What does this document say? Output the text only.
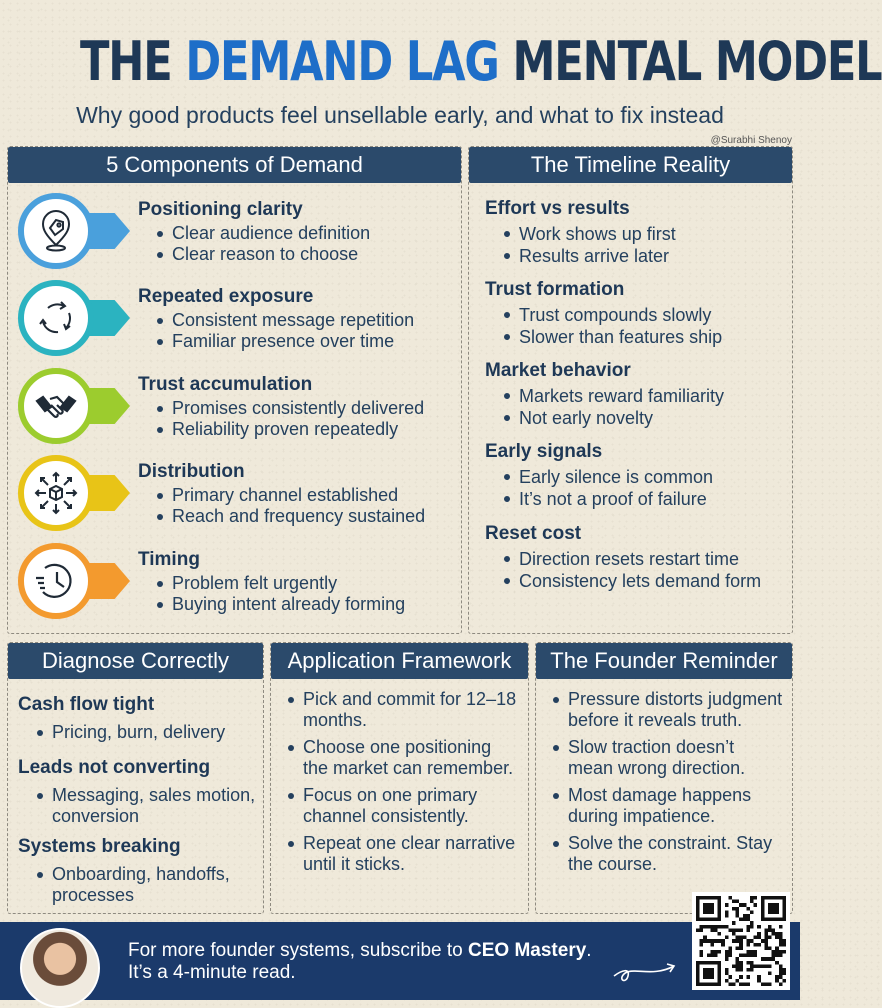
THE DEMAND LAG MENTAL MODEL
Why good products feel unsellable early, and what to fix instead
@Surabhi Shenoy
5 Components of Demand
Positioning clarity
Clear audience definition
Clear reason to choose
Repeated exposure
Consistent message repetition
Familiar presence over time
Trust accumulation
Promises consistently delivered
Reliability proven repeatedly
Distribution
Primary channel established
Reach and frequency sustained
Timing
Problem felt urgently
Buying intent already forming
The Timeline Reality
Effort vs results
Work shows up first
Results arrive later
Trust formation
Trust compounds slowly
Slower than features ship
Market behavior
Markets reward familiarity
Not early novelty
Early signals
Early silence is common
It’s not a proof of failure
Reset cost
Direction resets restart time
Consistency lets demand form
Diagnose Correctly
Cash flow tight
Pricing, burn, delivery
Leads not converting
Messaging, sales motion, conversion
Systems breaking
Onboarding, handoffs, processes
Application Framework
Pick and commit for 12–18 months.
Choose one positioning the market can remember.
Focus on one primary channel consistently.
Repeat one clear narrative until it sticks.
The Founder Reminder
Pressure distorts judgment before it reveals truth.
Slow traction doesn’t mean wrong direction.
Most damage happens during impatience.
Solve the constraint. Stay the course.
For more founder systems, subscribe to CEO Mastery.
It’s a 4-minute read.
